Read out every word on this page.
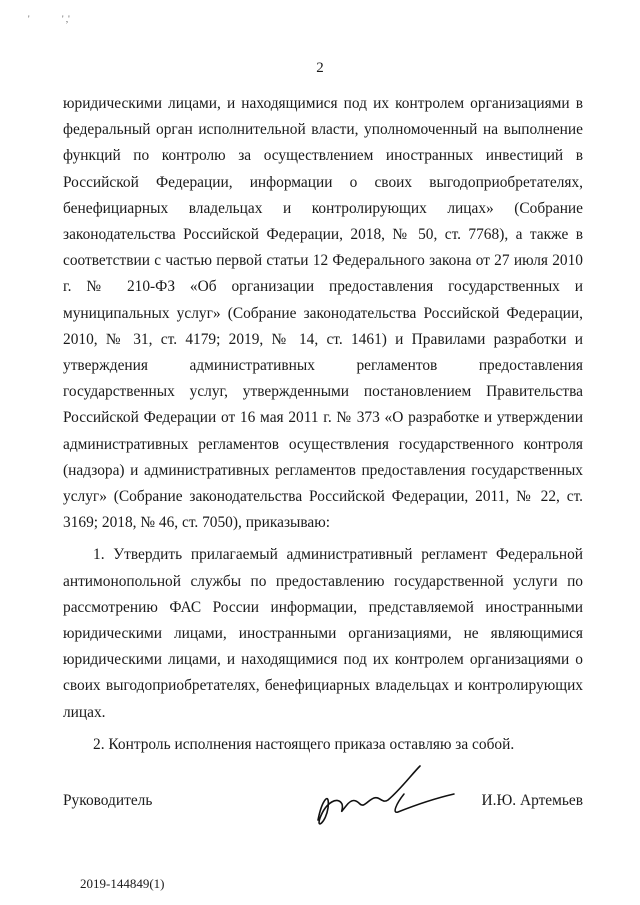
'	' ,'
2

юридическими лицами, и находящимися под их контролем организациями в федеральный орган исполнительной власти, уполномоченный на выполнение функций по контролю за осуществлением иностранных инвестиций в Российской Федерации, информации о своих выгодоприобретателях, бенефициарных владельцах и контролирующих лицах» (Собрание законодательства Российской Федерации, 2018, № 50, ст. 7768), а также в соответствии с частью первой статьи 12 Федерального закона от 27 июля 2010 г. № 210-ФЗ «Об организации предоставления государственных и муниципальных услуг» (Собрание законодательства Российской Федерации, 2010, № 31, ст. 4179; 2019, № 14, ст. 1461) и Правилами разработки и утверждения административных регламентов предоставления государственных услуг, утвержденными постановлением Правительства Российской Федерации от 16 мая 2011 г. № 373 «О разработке и утверждении административных регламентов осуществления государственного контроля (надзора) и административных регламентов предоставления государственных услуг» (Собрание законодательства Российской Федерации, 2011, № 22, ст. 3169; 2018, № 46, ст. 7050), приказываю:

1. Утвердить прилагаемый административный регламент Федеральной антимонопольной службы по предоставлению государственной услуги по рассмотрению ФАС России информации, представляемой иностранными юридическими лицами, иностранными организациями, не являющимися юридическими лицами, и находящимися под их контролем организациями о своих выгодоприобретателях, бенефициарных владельцах и контролирующих лицах.

2. Контроль исполнения настоящего приказа оставляю за собой.

Руководитель	И.Ю. Артемьев
2019-144849(1)
